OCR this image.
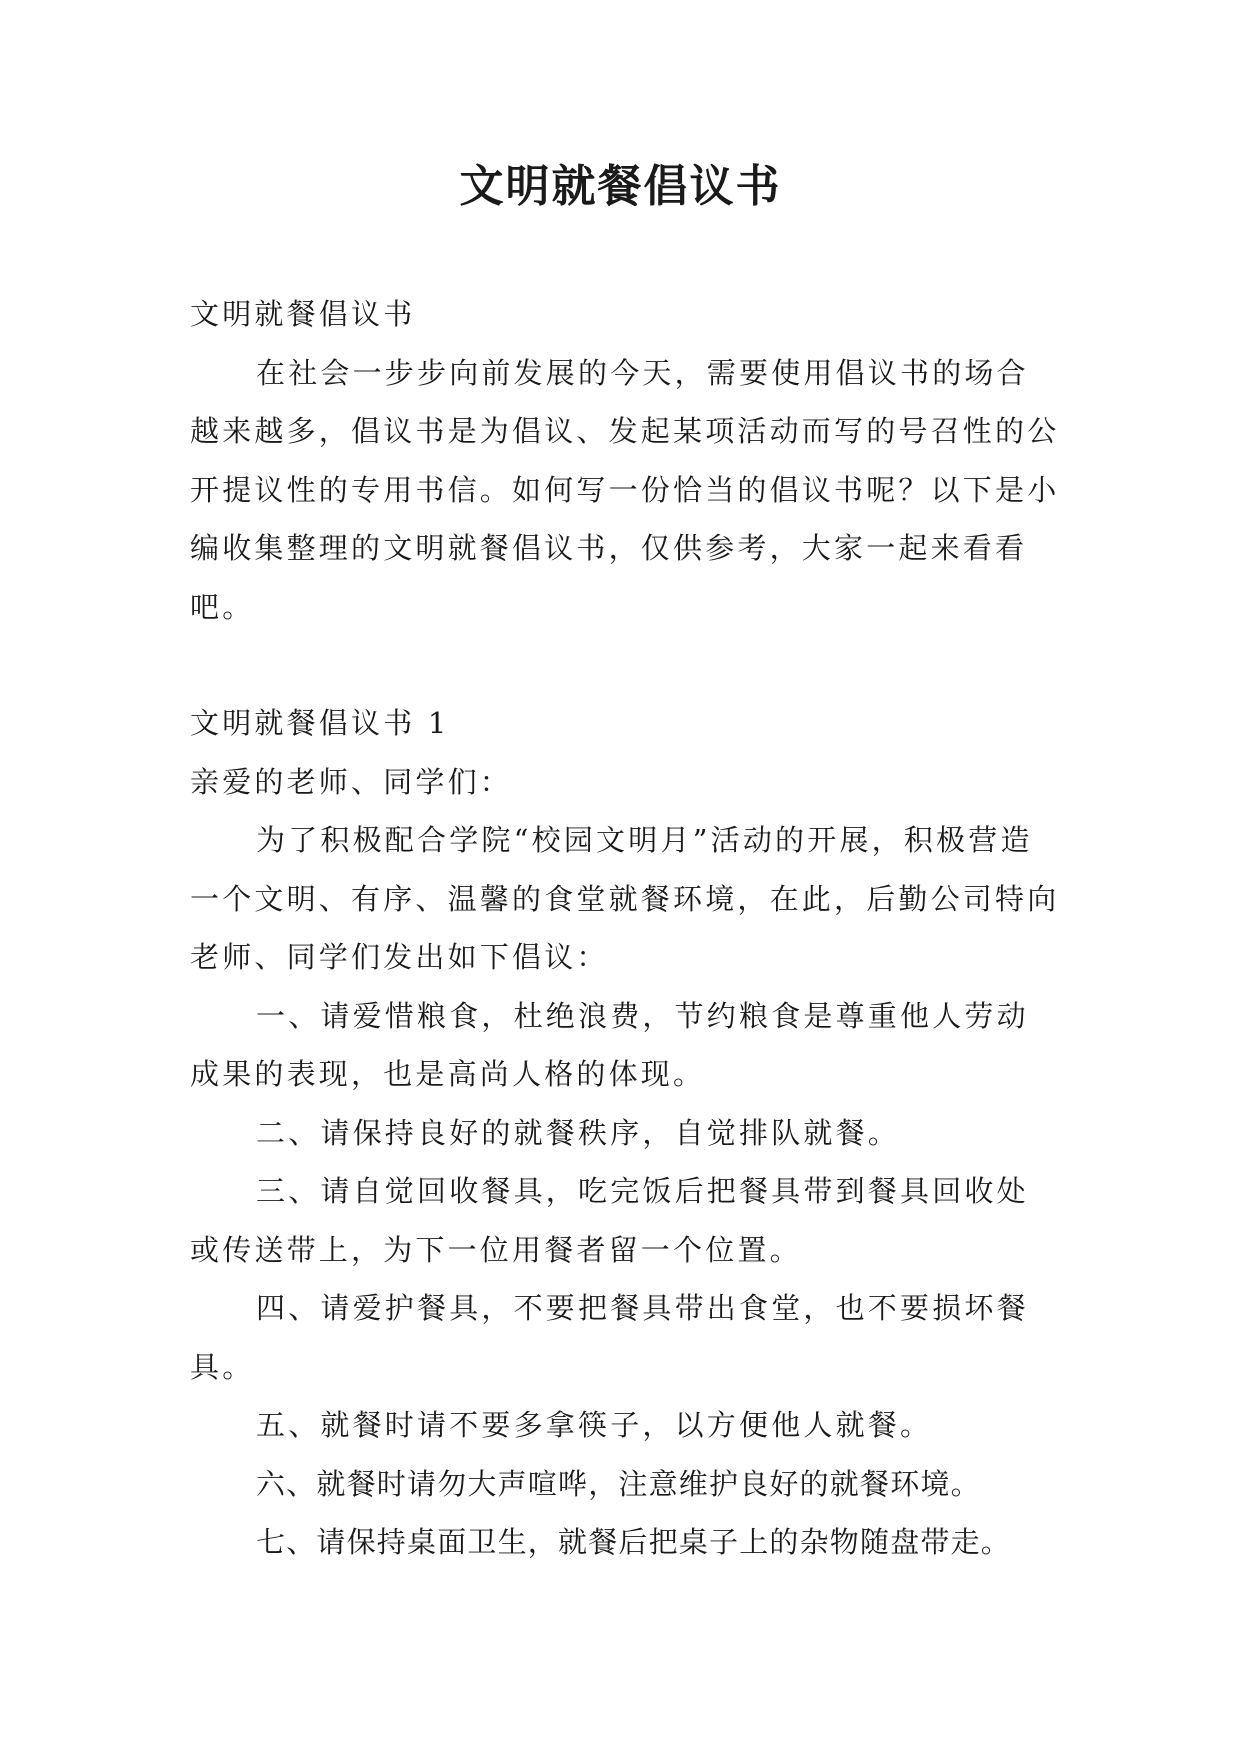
文明就餐倡议书

文明就餐倡议书

在社会一步步向前发展的今天，需要使用倡议书的场合越来越多，倡议书是为倡议、发起某项活动而写的号召性的公开提议性的专用书信。如何写一份恰当的倡议书呢？以下是小编收集整理的文明就餐倡议书，仅供参考，大家一起来看看吧。

文明就餐倡议书 1

亲爱的老师、同学们：

为了积极配合学院“校园文明月”活动的开展，积极营造一个文明、有序、温馨的食堂就餐环境，在此，后勤公司特向老师、同学们发出如下倡议：

一、请爱惜粮食，杜绝浪费，节约粮食是尊重他人劳动成果的表现，也是高尚人格的体现。

二、请保持良好的就餐秩序，自觉排队就餐。

三、请自觉回收餐具，吃完饭后把餐具带到餐具回收处或传送带上，为下一位用餐者留一个位置。

四、请爱护餐具，不要把餐具带出食堂，也不要损坏餐具。

五、就餐时请不要多拿筷子，以方便他人就餐。

六、就餐时请勿大声喧哗，注意维护良好的就餐环境。

七、请保持桌面卫生，就餐后把桌子上的杂物随盘带走。
